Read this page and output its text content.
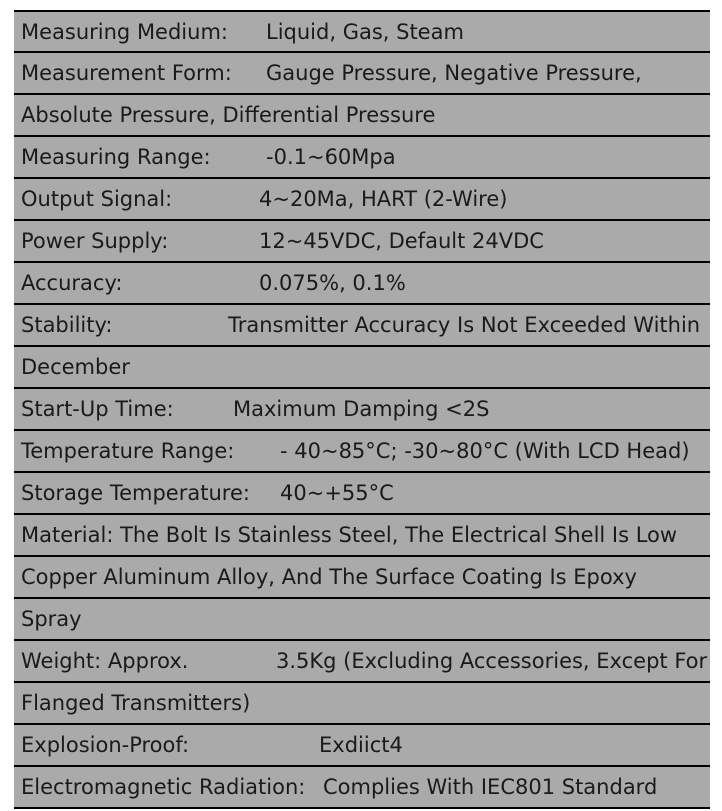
Measuring Medium: Liquid, Gas, Steam
Measurement Form: Gauge Pressure, Negative Pressure,
Absolute Pressure, Differential Pressure
Measuring Range:	-0.1~60Mpa
Output Signal:	4~20Ma, HART (2-Wire)
Power Supply:	12~45VDC, Default 24VDC
Accuracy:	0.075%, 0.1%
Stability:	Transmitter Accuracy Is Not Exceeded Within
December
Start-Up Time:	Maximum Damping <2S
Temperature Range: - 40~85°C; -30~80°C (With LCD Head)
Storage Temperature: 40~+55°C
Material: The Bolt Is Stainless Steel, The Electrical Shell Is Low
Copper Aluminum Alloy, And The Surface Coating Is Epoxy
Spray
Weight: Approx.	3.5Kg (Excluding Accessories, Except For
Flanged Transmitters)
Explosion-Proof:	Exdiict4
Electromagnetic Radiation: Complies With IEC801 Standard
